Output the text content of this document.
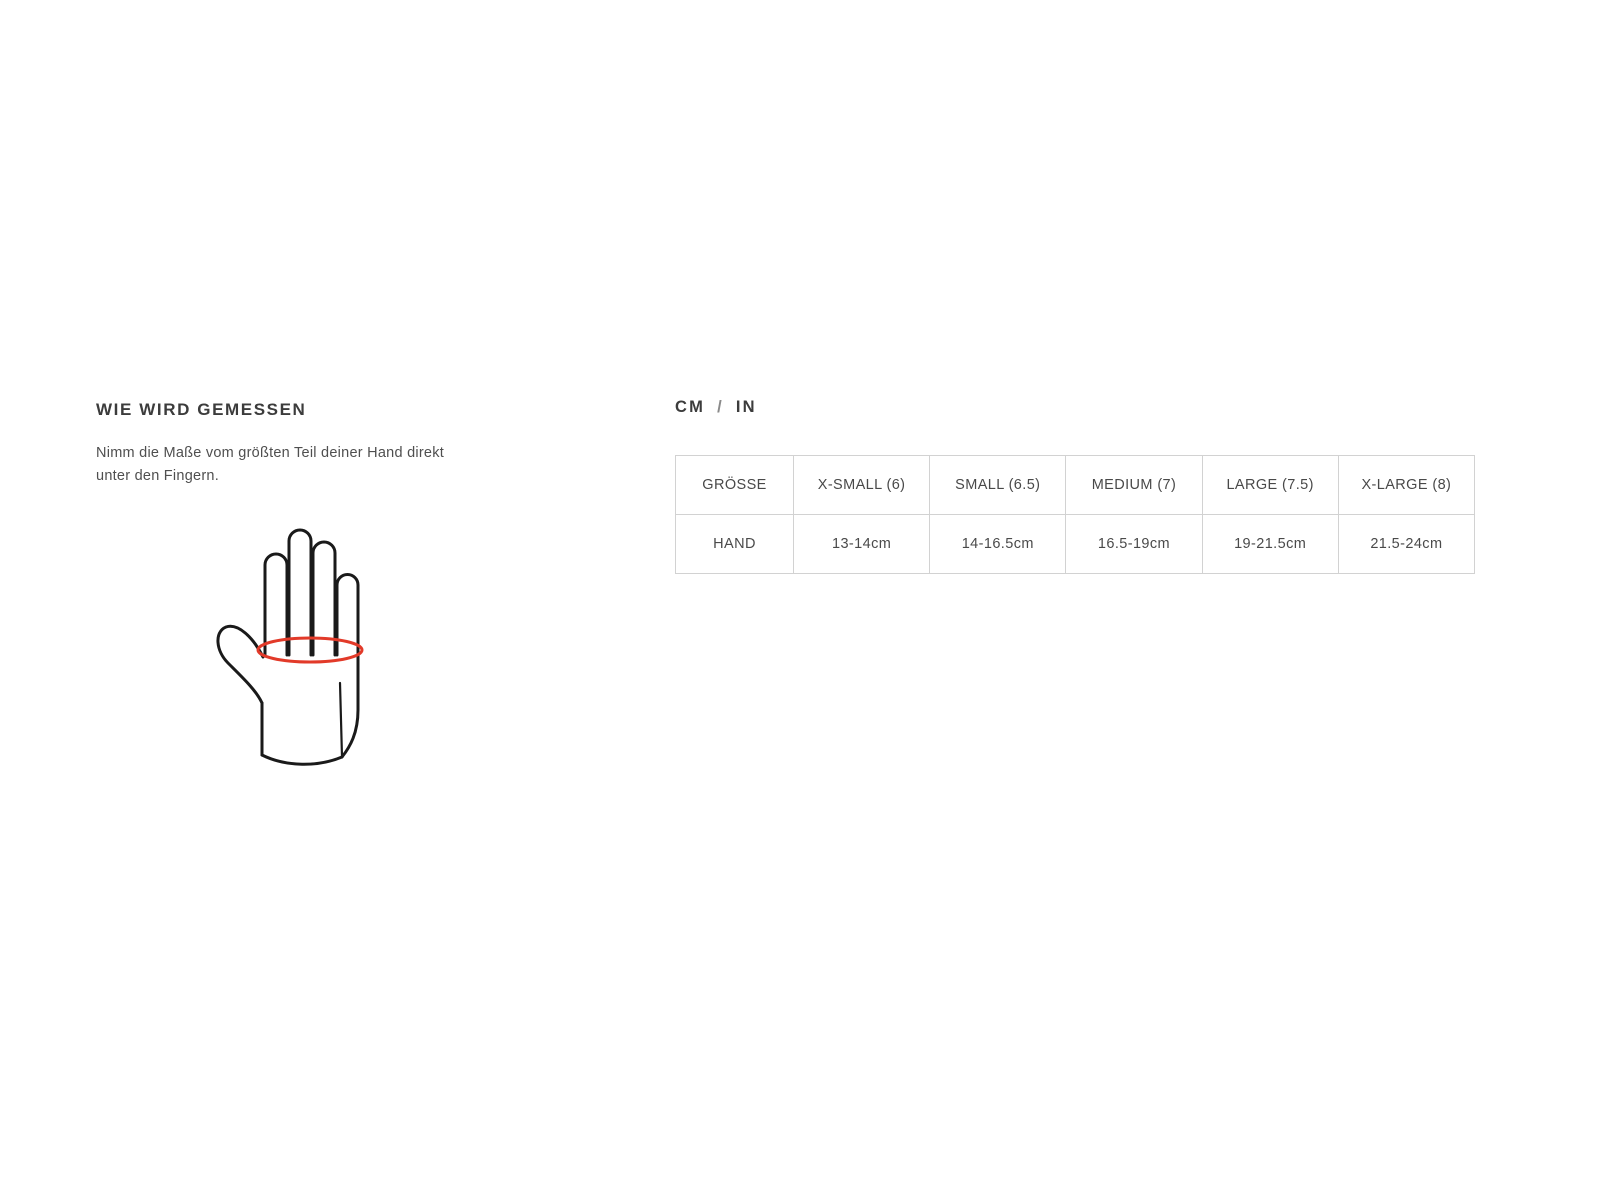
WIE WIRD GEMESSEN

Nimm die Maße vom größten Teil deiner Hand direkt unter den Fingern.

CM / IN
GRÖSSE	X-SMALL (6)	SMALL (6.5)	MEDIUM (7)	LARGE (7.5)	X-LARGE (8)
HAND	13-14cm	14-16.5cm	16.5-19cm	19-21.5cm	21.5-24cm
